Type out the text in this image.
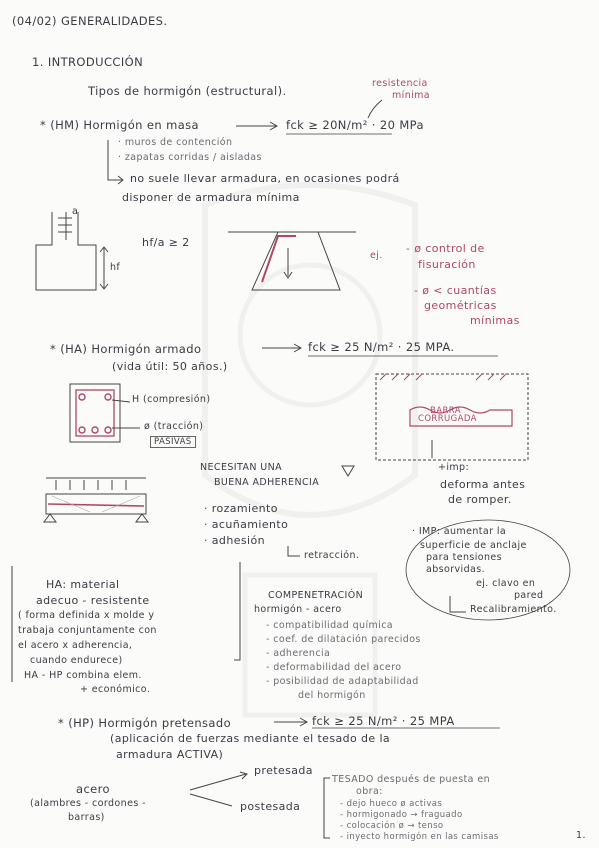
(04/02) GENERALIDADES.
1. INTRODUCCIÓN
Tipos de hormigón (estructural).
resistencia
mínima
* (HM) Hormigón en masa	fck ≥ 20N/m² · 20 MPa
· muros de contención
· zapatas corridas / aisladas
no suele llevar armadura, en ocasiones podrá
disponer de armadura mínima
a
hf/a ≥ 2
hf
ej.
- ø control de
fisuración
- ø < cuantías
geométricas
mínimas
* (HA) Hormigón armado	fck ≥ 25 N/m² · 25 MPA.
(vida útil: 50 años.)
H (compresión)
ø (tracción)
PASIVAS
BARRA
CORRUGADA
+imp:
deforma antes
de romper.
NECESITAN UNA
BUENA ADHERENCIA
· rozamiento
· acuñamiento
· adhesión
retracción.
· IMP: aumentar la
superficie de anclaje
para tensiones
absorvidas.
ej. clavo en
pared
Recalibramiento.
HA: material
adecuo - resistente
( forma definida x molde y
trabaja conjuntamente con
el acero x adherencia,
cuando endurece)
HA - HP combina elem.
+ económico.
COMPENETRACIÓN
hormigón - acero
- compatibilidad química
- coef. de dilatación parecidos
- adherencia
- deformabilidad del acero
- posibilidad de adaptabilidad
del hormigón
* (HP) Hormigón pretensado	fck ≥ 25 N/m² · 25 MPA
(aplicación de fuerzas mediante el tesado de la
armadura ACTIVA)
pretesada
acero
(alambres - cordones -
barras)
postesada
TESADO después de puesta en
obra:
- dejo hueco ø activas
- hormigonado → fraguado
- colocación ø → tenso
- inyecto hormigón en las camisas	1.
